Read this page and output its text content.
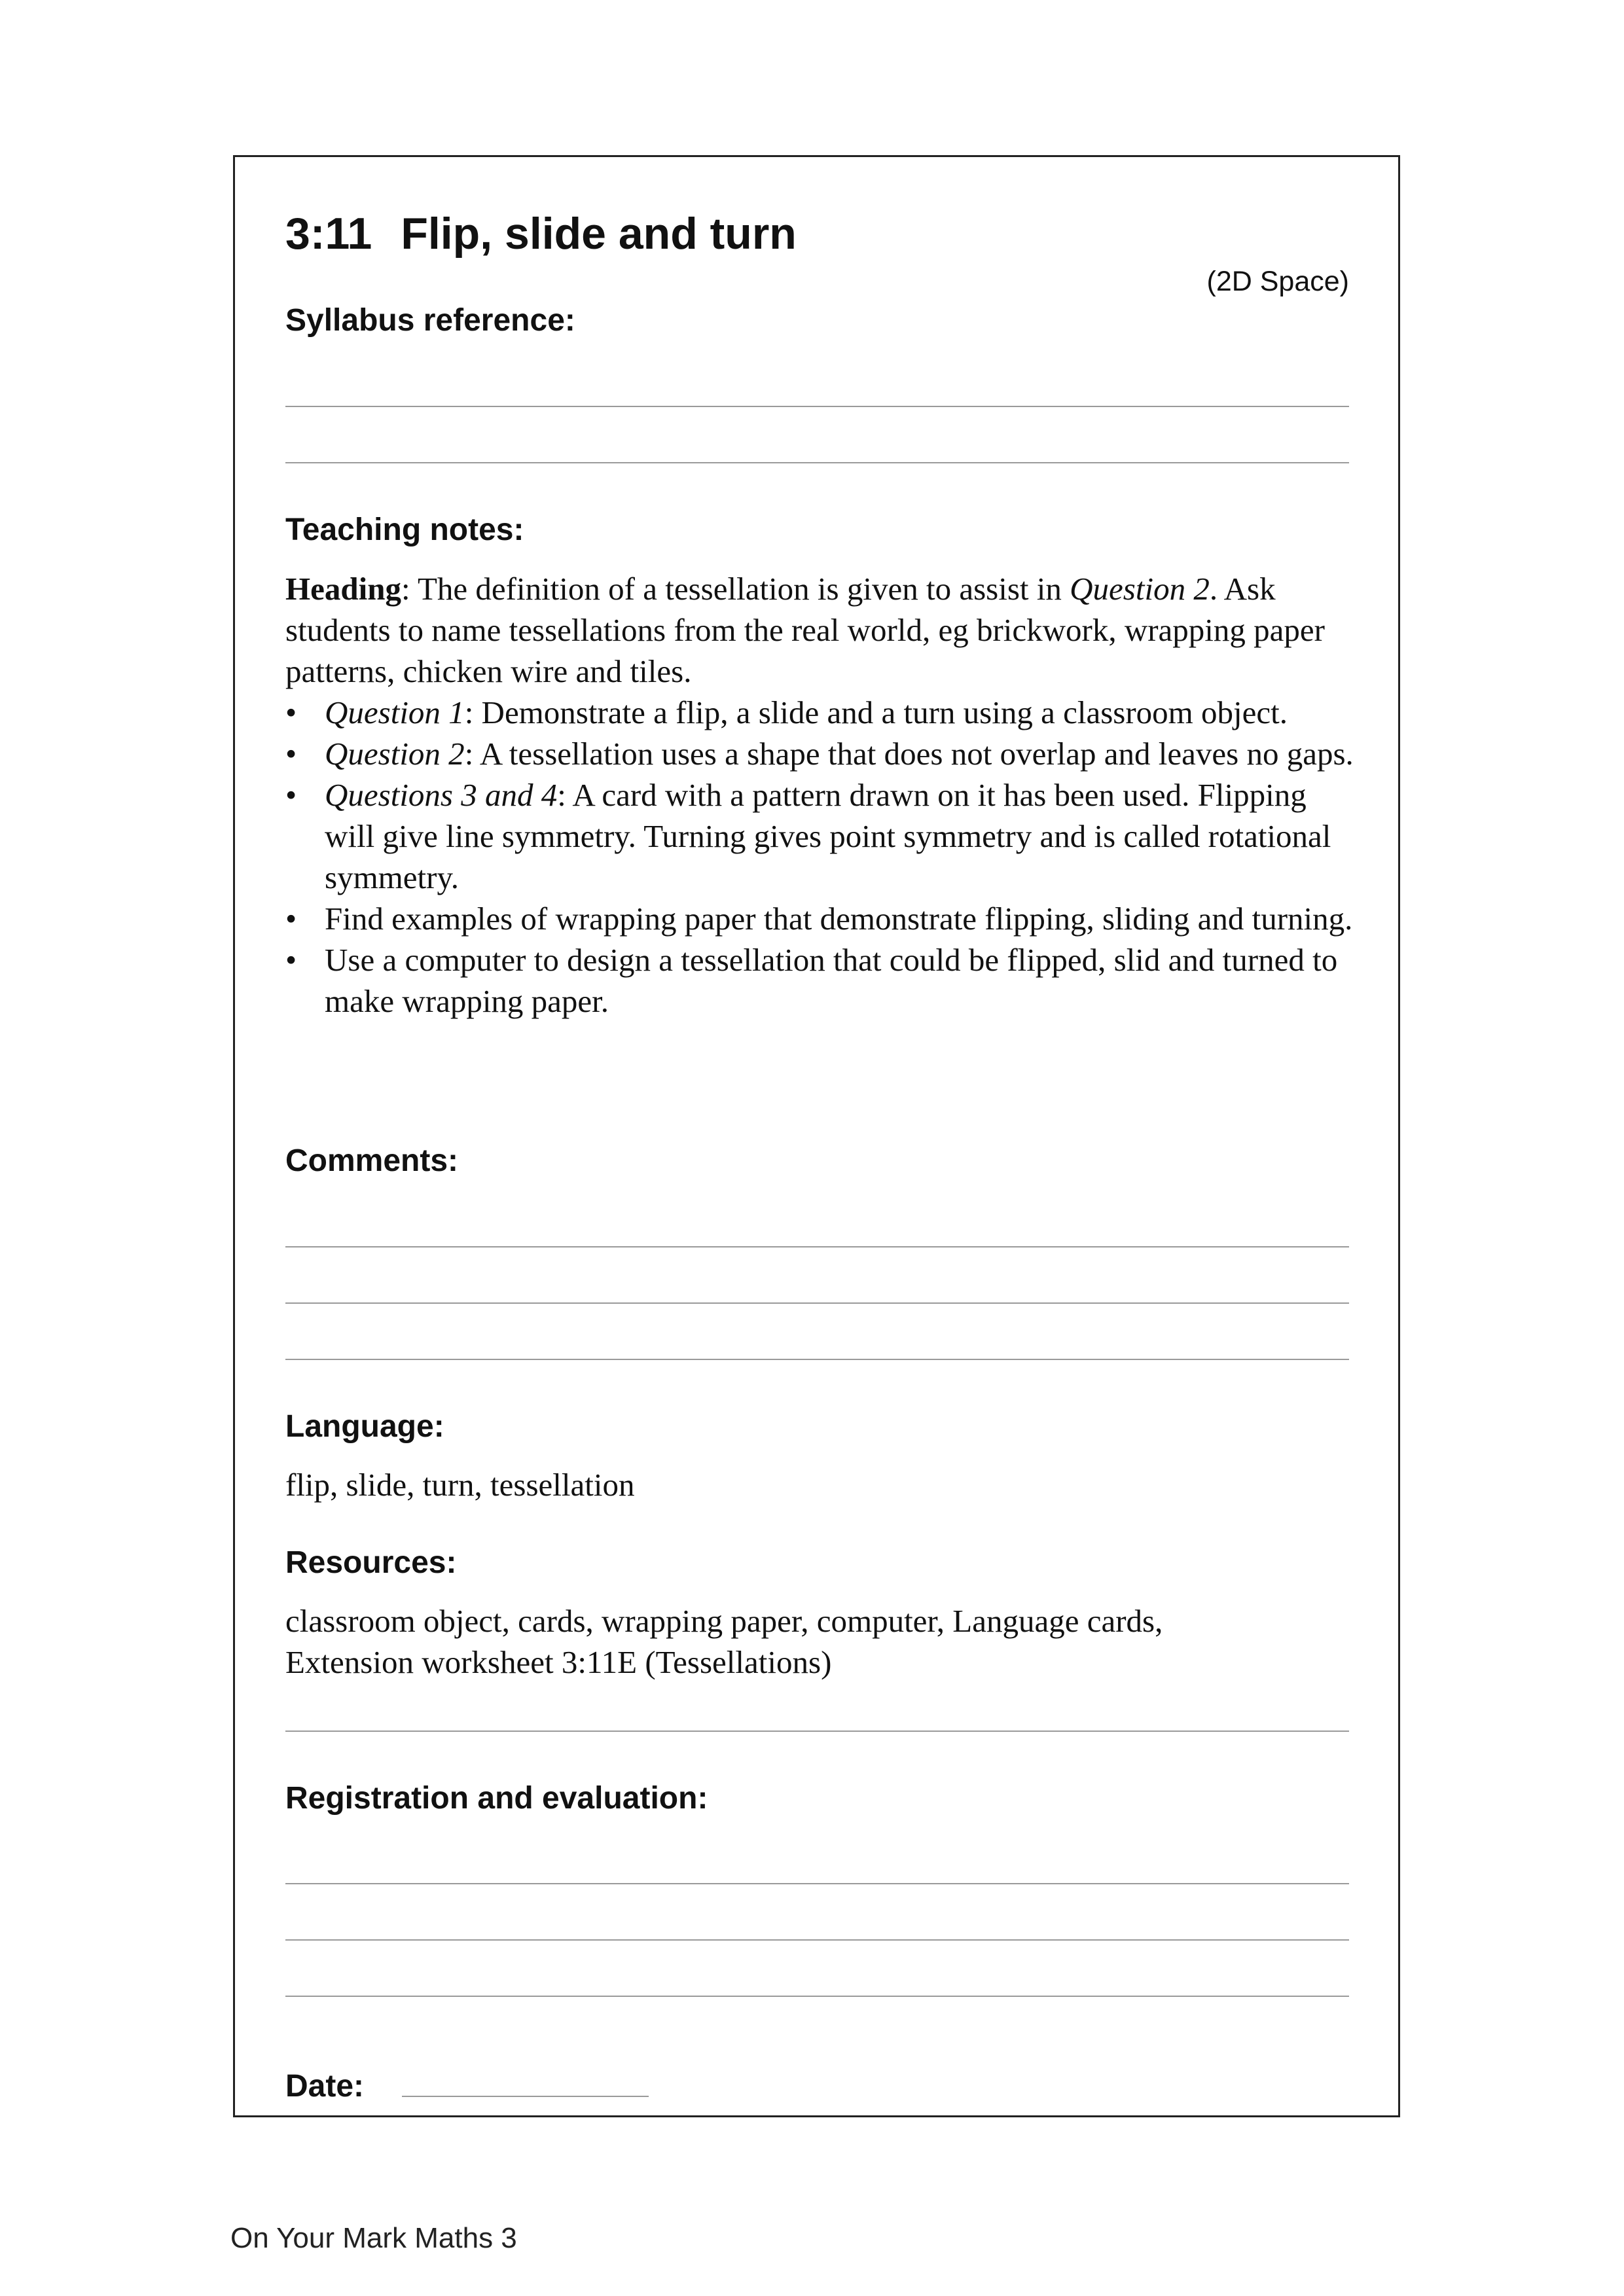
3:11 Flip, slide and turn
(2D Space)
Syllabus reference:
Teaching notes:

Heading: The definition of a tessellation is given to assist in Question 2. Ask students to name tessellations from the real world, eg brickwork, wrapping paper patterns, chicken wire and tiles.

• Question 1: Demonstrate a flip, a slide and a turn using a classroom object.
• Question 2: A tessellation uses a shape that does not overlap and leaves no gaps.
• Questions 3 and 4: A card with a pattern drawn on it has been used. Flipping will give line symmetry. Turning gives point symmetry and is called rotational symmetry.
• Find examples of wrapping paper that demonstrate flipping, sliding and turning.
• Use a computer to design a tessellation that could be flipped, slid and turned to make wrapping paper.
Comments:
Language:
flip, slide, turn, tessellation
Resources:

classroom object, cards, wrapping paper, computer, Language cards,

Extension worksheet 3:11E (Tessellations)

Registration and evaluation:
Date:
On Your Mark Maths 3
